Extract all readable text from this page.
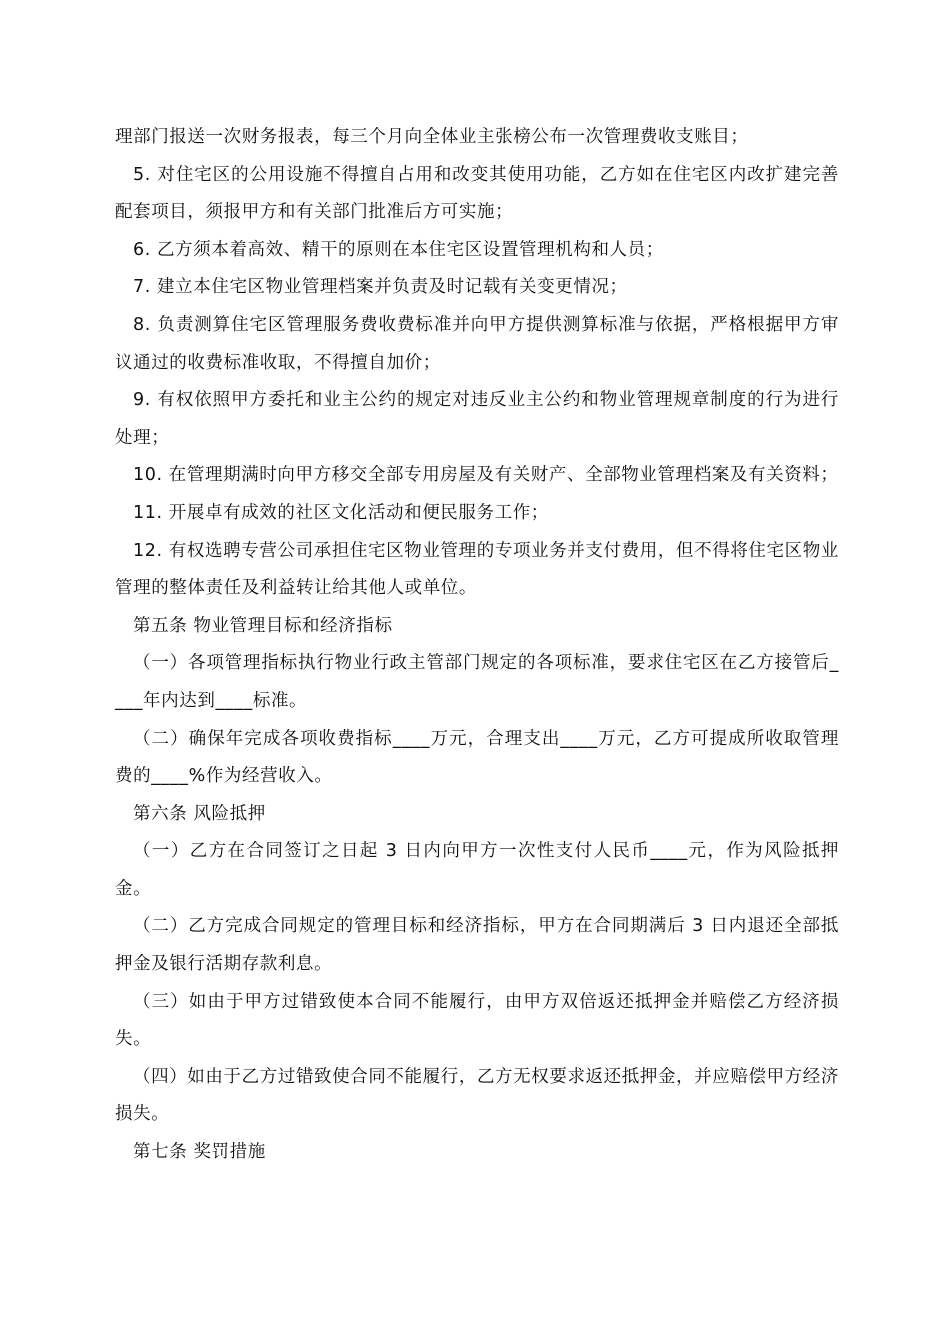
理部门报送一次财务报表，每三个月向全体业主张榜公布一次管理费收支账目；

5. 对住宅区的公用设施不得擅自占用和改变其使用功能，乙方如在住宅区内改扩建完善配套项目，须报甲方和有关部门批准后方可实施；

6. 乙方须本着高效、精干的原则在本住宅区设置管理机构和人员；

7. 建立本住宅区物业管理档案并负责及时记载有关变更情况；

8. 负责测算住宅区管理服务费收费标准并向甲方提供测算标准与依据，严格根据甲方审议通过的收费标准收取，不得擅自加价；

9. 有权依照甲方委托和业主公约的规定对违反业主公约和物业管理规章制度的行为进行处理；

10. 在管理期满时向甲方移交全部专用房屋及有关财产、全部物业管理档案及有关资料；

11. 开展卓有成效的社区文化活动和便民服务工作；

12. 有权选聘专营公司承担住宅区物业管理的专项业务并支付费用，但不得将住宅区物业管理的整体责任及利益转让给其他人或单位。

第五条 物业管理目标和经济指标

（一）各项管理指标执行物业行政主管部门规定的各项标准，要求住宅区在乙方接管后____年内达到____标准。

（二）确保年完成各项收费指标____万元，合理支出____万元，乙方可提成所收取管理费的____%作为经营收入。

第六条 风险抵押

（一）乙方在合同签订之日起 3 日内向甲方一次性支付人民币____元，作为风险抵押金。

（二）乙方完成合同规定的管理目标和经济指标，甲方在合同期满后 3 日内退还全部抵押金及银行活期存款利息。

（三）如由于甲方过错致使本合同不能履行，由甲方双倍返还抵押金并赔偿乙方经济损失。

（四）如由于乙方过错致使合同不能履行，乙方无权要求返还抵押金，并应赔偿甲方经济损失。

第七条 奖罚措施
